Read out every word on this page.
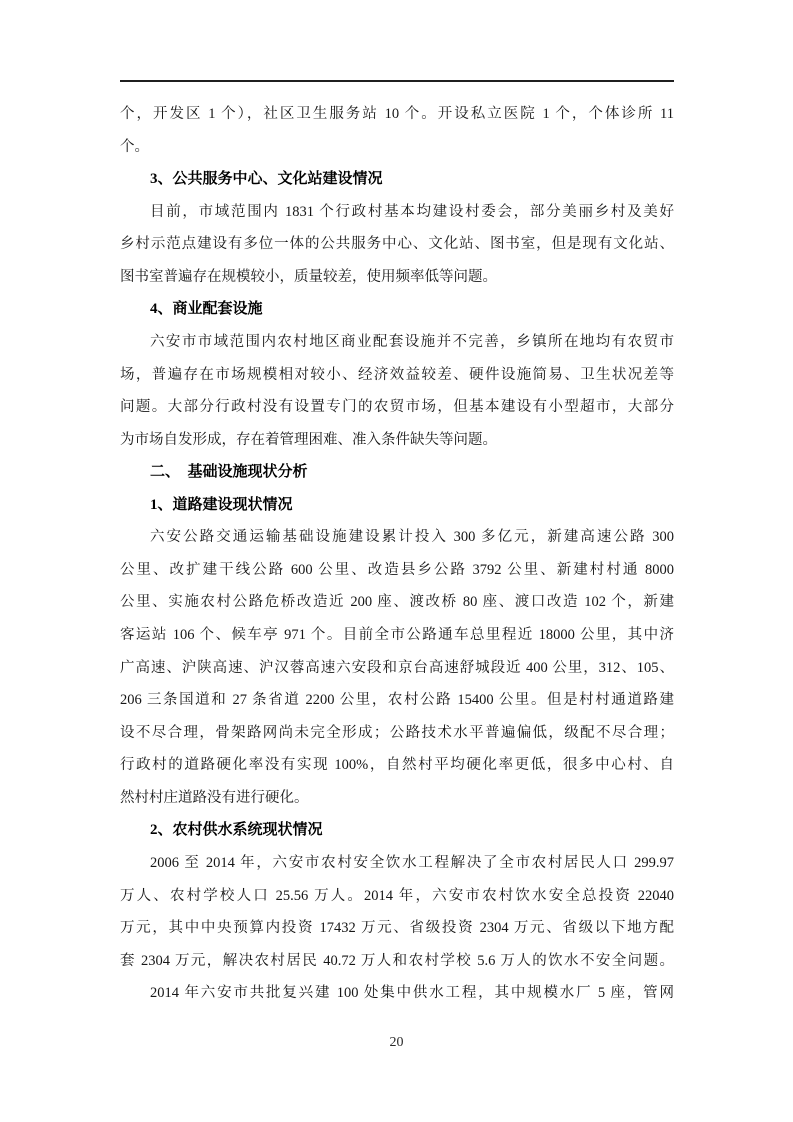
个，开发区 1 个），社区卫生服务站 10 个。开设私立医院 1 个，个体诊所 11
个。
3、公共服务中心、文化站建设情况
目前，市域范围内 1831 个行政村基本均建设村委会，部分美丽乡村及美好
乡村示范点建设有多位一体的公共服务中心、文化站、图书室，但是现有文化站、
图书室普遍存在规模较小，质量较差，使用频率低等问题。
4、商业配套设施
六安市市域范围内农村地区商业配套设施并不完善，乡镇所在地均有农贸市
场，普遍存在市场规模相对较小、经济效益较差、硬件设施简易、卫生状况差等
问题。大部分行政村没有设置专门的农贸市场，但基本建设有小型超市，大部分
为市场自发形成，存在着管理困难、准入条件缺失等问题。
二、　基础设施现状分析
1、道路建设现状情况
六安公路交通运输基础设施建设累计投入 300 多亿元，新建高速公路 300
公里、改扩建干线公路 600 公里、改造县乡公路 3792 公里、新建村村通 8000
公里、实施农村公路危桥改造近 200 座、渡改桥 80 座、渡口改造 102 个，新建
客运站 106 个、候车亭 971 个。目前全市公路通车总里程近 18000 公里，其中济
广高速、沪陕高速、沪汉蓉高速六安段和京台高速舒城段近 400 公里，312、105、
206 三条国道和 27 条省道 2200 公里，农村公路 15400 公里。但是村村通道路建
设不尽合理，骨架路网尚未完全形成；公路技术水平普遍偏低，级配不尽合理；
行政村的道路硬化率没有实现 100%，自然村平均硬化率更低，很多中心村、自
然村村庄道路没有进行硬化。
2、农村供水系统现状情况
2006 至 2014 年，六安市农村安全饮水工程解决了全市农村居民人口 299.97
万人、农村学校人口 25.56 万人。2014 年，六安市农村饮水安全总投资 22040
万元，其中中央预算内投资 17432 万元、省级投资 2304 万元、省级以下地方配
套 2304 万元，解决农村居民 40.72 万人和农村学校 5.6 万人的饮水不安全问题。
2014 年六安市共批复兴建 100 处集中供水工程，其中规模水厂 5 座，管网
20
